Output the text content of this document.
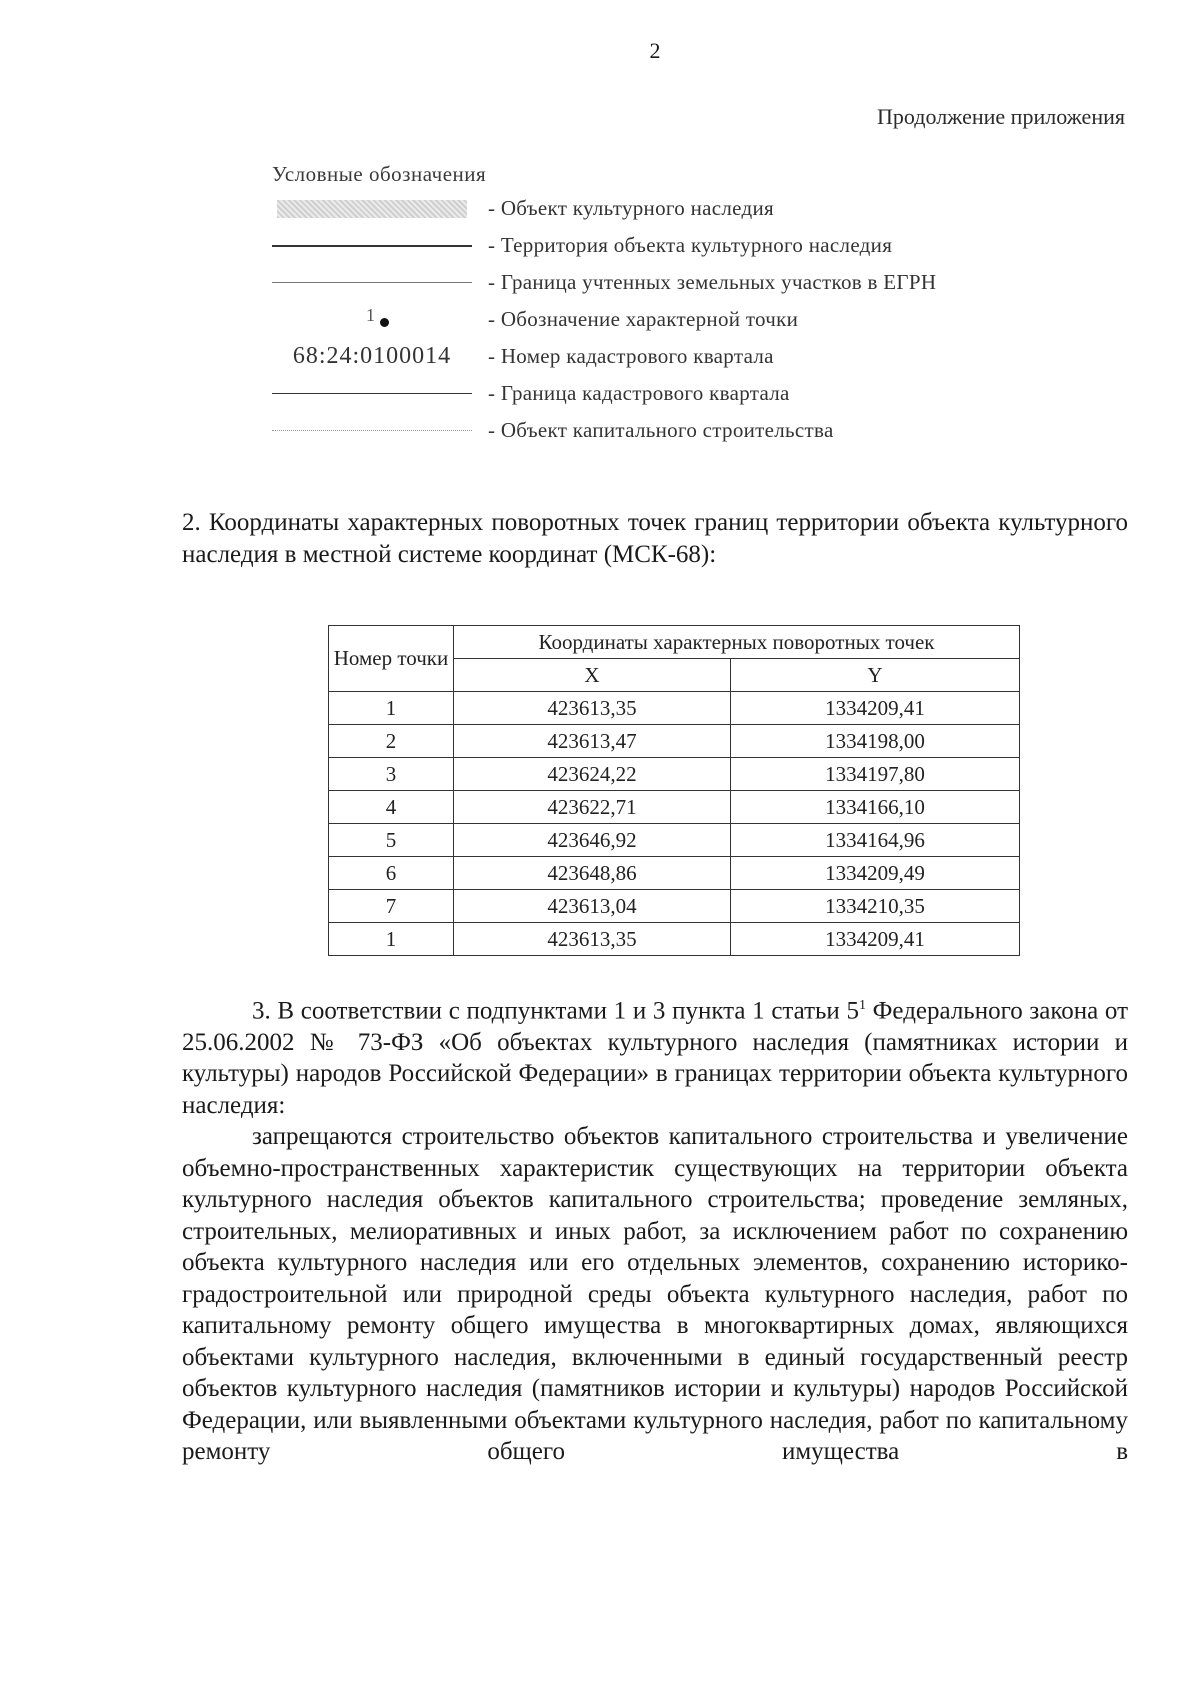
2
Продолжение приложения
Условные обозначения
- Объект культурного наследия
- Территория объекта культурного наследия
- Граница учтенных земельных участков в ЕГРН
1	- Обозначение характерной точки
68:24:0100014 - Номер кадастрового квартала
- Граница кадастрового квартала
- Объект капитального строительства
2. Координаты характерных поворотных точек границ территории объекта культурного наследия в местной системе координат (МСК-68):
Номер точки	Координаты характерных поворотных точек	
	X	Y
1	423613,35	1334209,41
2	423613,47	1334198,00
3	423624,22	1334197,80
4	423622,71	1334166,10
5	423646,92	1334164,96
6	423648,86	1334209,49
7	423613,04	1334210,35
1	423613,35	1334209,41

3. В соответствии с подпунктами 1 и 3 пункта 1 статьи $5^1$ Федерального закона от 25.06.2002 № 73-ФЗ «Об объектах культурного наследия (памятниках истории и культуры) народов Российской Федерации» в границах территории объекта культурного наследия:

запрещаются строительство объектов капитального строительства и увеличение объемно-пространственных характеристик существующих на территории объекта культурного наследия объектов капитального строительства; проведение земляных, строительных, мелиоративных и иных работ, за исключением работ по сохранению объекта культурного наследия или его отдельных элементов, сохранению историко-градостроительной или природной среды объекта культурного наследия, работ по капитальному ремонту общего имущества в многоквартирных домах, являющихся объектами культурного наследия, включенными в единый государственный реестр объектов культурного наследия (памятников истории и культуры) народов Российской Федерации, или выявленными объектами культурного наследия, работ по капитальному ремонту общего имущества в
